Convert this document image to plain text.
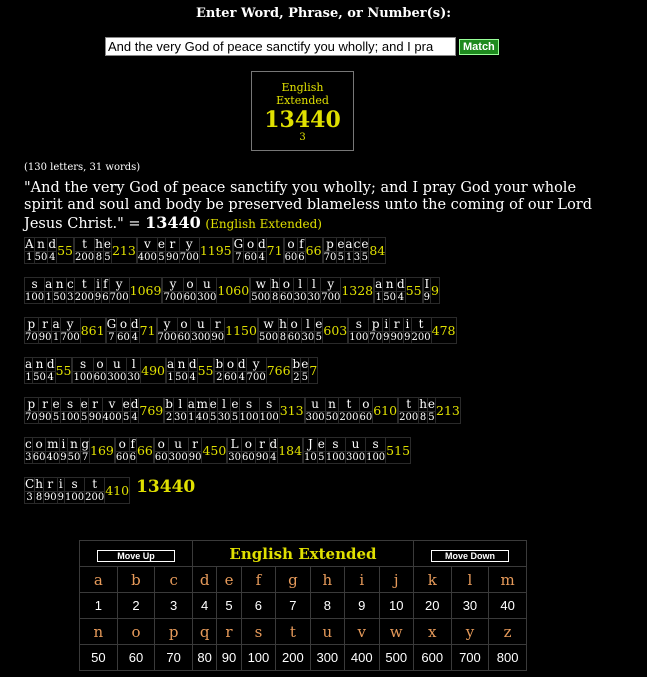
Enter Word, Phrase, or Number(s):
And the very God of peace sanctify you wholly; and I pra
Match
English
Extended
13440
3
(130 letters, 31 words)
"And the very God of peace sanctify you wholly; and I pray God your whole spirit and soul and body be preserved blameless unto the coming of our Lord Jesus Christ." = 13440 (English Extended)
A	n	d	55
1	50	4	
t	h	e	213
200	8	5	
v	e	r	y	1195
400	5	90	700	
G	o	d	71
7	60	4	
o	f	66
60	6	
p	e	a	c	e	84
70	5	1	3	5	
s	a	n	c	t	i	f	y	1069
100	1	50	3	200	9	6	700	
y	o	u	1060
700	60	300	
w	h	o	l	l	y	1328
500	8	60	30	30	700	
a	n	d	55
1	50	4	
I	9
9
p	r	a	y	861
70	90	1	700	
G	o	d	71
7	60	4	
y	o	u	r	1150
700	60	300	90	
w	h	o	l	e	603
500	8	60	30	5	
s	p	i	r	i	t	478
100	70	9	90	9	200	
a	n	d	55
1	50	4	
s	o	u	l	490
100	60	300	30	
a	n	d	55
1	50	4	
b	o	d	y	766
2	60	4	700	
b	e	7
2	5	
p	r	e	s	e	r	v	e	d	769
70	90	5	100	5	90	400	5	4	
b	l	a	m	e	l	e	s	s	313
2	30	1	40	5	30	5	100	100	
u	n	t	o	610
300	50	200	60	
t	h	e	213
200	8	5	
c	o	m	i	n	g	169
3	60	40	9	50	7	
o	f	66
60	6	
o	u	r	450
60	300	90	
L	o	r	d	184
30	60	90	4	
J	e	s	u	s	515
10	5	100	300	100	
C	h	r	i	s	t	410
3	8	90	9	100	200	
13440
Move Up			English Extended							Move Down		
a	b	c	d	e	f	g	h	i	j	k	l	m
1	2	3	4	5	6	7	8	9	10	20	30	40
n	o	p	q	r	s	t	u	v	w	x	y	z
50	60	70	80	90	100	200	300	400	500	600	700	800
